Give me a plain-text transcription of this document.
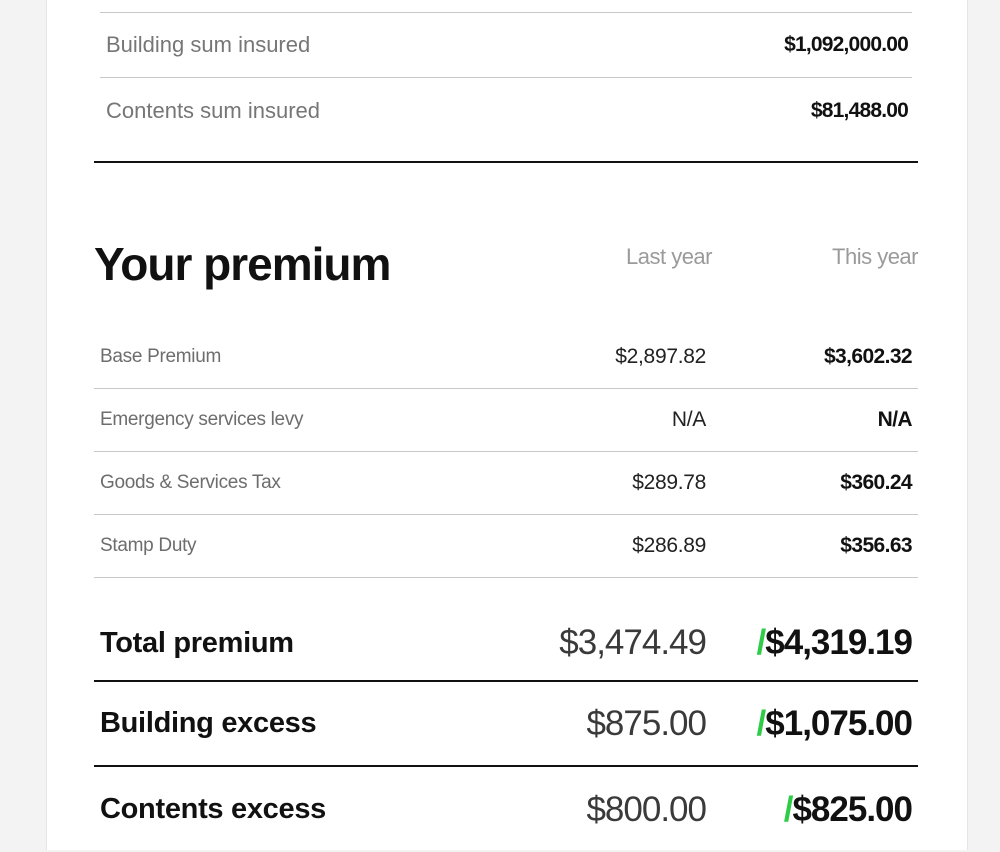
Building sum insured	$1,092,000.00
Contents sum insured	$81,488.00
Your premium	Last year	This year
Base Premium	$2,897.82	$3,602.32
Emergency services levy	N/A	N/A
Goods & Services Tax	$289.78	$360.24
Stamp Duty	$286.89	$356.63
Total premium	$3,474.49	/$4,319.19
Building excess	$875.00	/$1,075.00
Contents excess	$800.00	/$825.00
